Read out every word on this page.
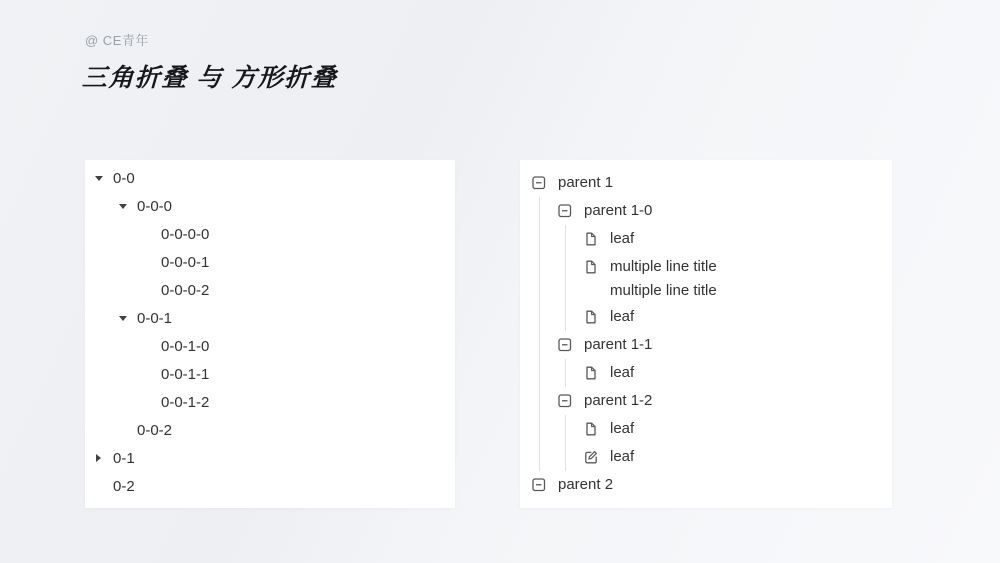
@ CE青年
三角折叠 与 方形折叠
0-0
0-0-0
0-0-0-0
0-0-0-1
0-0-0-2
0-0-1
0-0-1-0
0-0-1-1
0-0-1-2
0-0-2
0-1
0-2
parent 1
parent 1-0
leaf
multiple line title
multiple line title
leaf
parent 1-1
leaf
parent 1-2
leaf
leaf
parent 2
